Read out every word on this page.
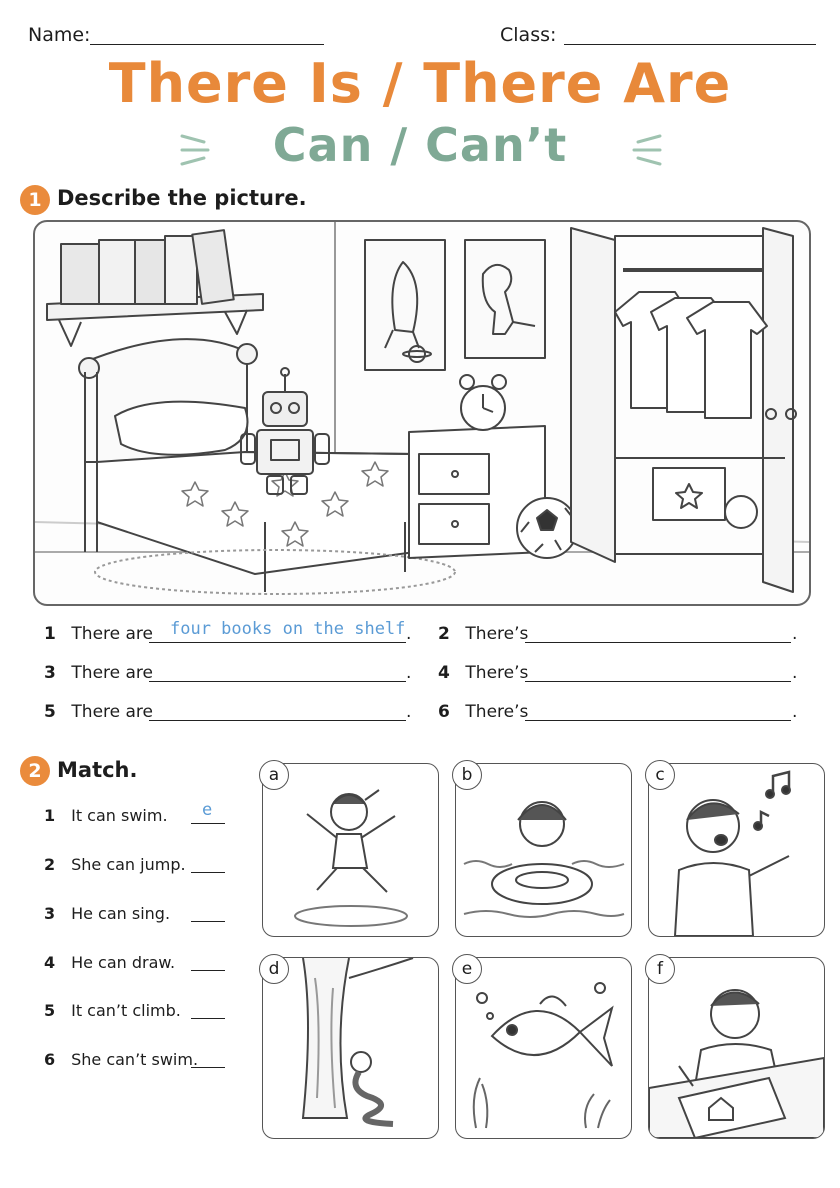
Name:	Class:
There Is / There Are
Can / Can’t
1 Describe the picture.
1 There are four books on the shelf . 2 There’s	.
3 There are	. 4 There’s	.
5 There are	. 6 There’s	.
2 Match.
1 It can swim. e
2 She can jump.
3 He can sing.
4 He can draw.
5 It can’t climb.
6 She can’t swim.
a	b	c
d	e	f
